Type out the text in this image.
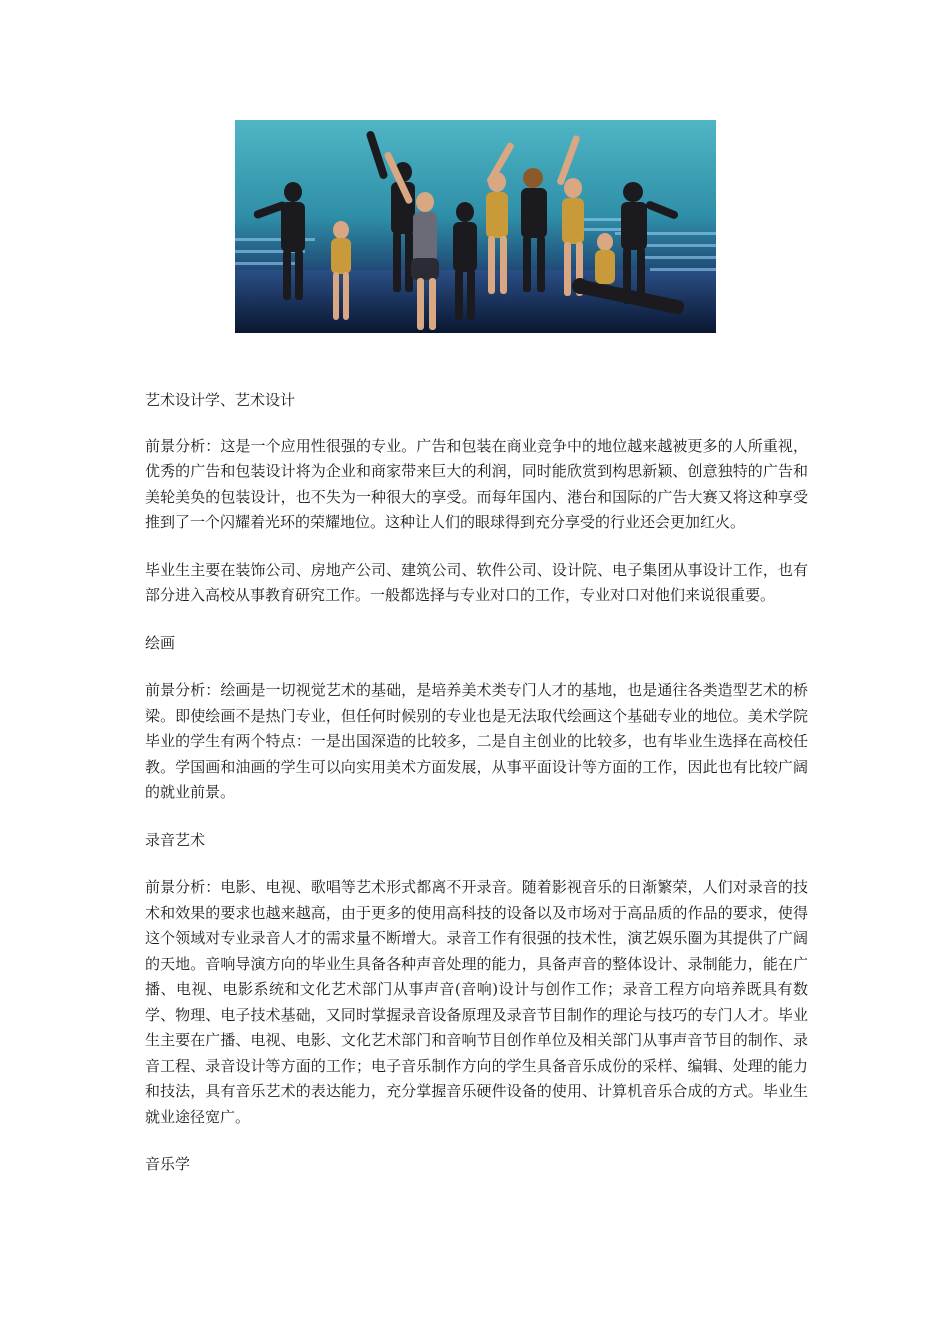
艺术设计学、艺术设计

前景分析：这是一个应用性很强的专业。广告和包装在商业竞争中的地位越来越被更多的人所重视，优秀的广告和包装设计将为企业和商家带来巨大的利润，同时能欣赏到构思新颖、创意独特的广告和美轮美奂的包装设计，也不失为一种很大的享受。而每年国内、港台和国际的广告大赛又将这种享受推到了一个闪耀着光环的荣耀地位。这种让人们的眼球得到充分享受的行业还会更加红火。

毕业生主要在装饰公司、房地产公司、建筑公司、软件公司、设计院、电子集团从事设计工作，也有部分进入高校从事教育研究工作。一般都选择与专业对口的工作，专业对口对他们来说很重要。

绘画

前景分析：绘画是一切视觉艺术的基础，是培养美术类专门人才的基地，也是通往各类造型艺术的桥梁。即使绘画不是热门专业，但任何时候别的专业也是无法取代绘画这个基础专业的地位。美术学院毕业的学生有两个特点：一是出国深造的比较多，二是自主创业的比较多，也有毕业生选择在高校任教。学国画和油画的学生可以向实用美术方面发展，从事平面设计等方面的工作，因此也有比较广阔的就业前景。

录音艺术

前景分析：电影、电视、歌唱等艺术形式都离不开录音。随着影视音乐的日渐繁荣，人们对录音的技术和效果的要求也越来越高，由于更多的使用高科技的设备以及市场对于高品质的作品的要求，使得这个领域对专业录音人才的需求量不断增大。录音工作有很强的技术性，演艺娱乐圈为其提供了广阔的天地。音响导演方向的毕业生具备各种声音处理的能力，具备声音的整体设计、录制能力，能在广播、电视、电影系统和文化艺术部门从事声音(音响)设计与创作工作；录音工程方向培养既具有数学、物理、电子技术基础，又同时掌握录音设备原理及录音节目制作的理论与技巧的专门人才。毕业生主要在广播、电视、电影、文化艺术部门和音响节目创作单位及相关部门从事声音节目的制作、录音工程、录音设计等方面的工作；电子音乐制作方向的学生具备音乐成份的采样、编辑、处理的能力和技法，具有音乐艺术的表达能力，充分掌握音乐硬件设备的使用、计算机音乐合成的方式。毕业生就业途径宽广。

音乐学
